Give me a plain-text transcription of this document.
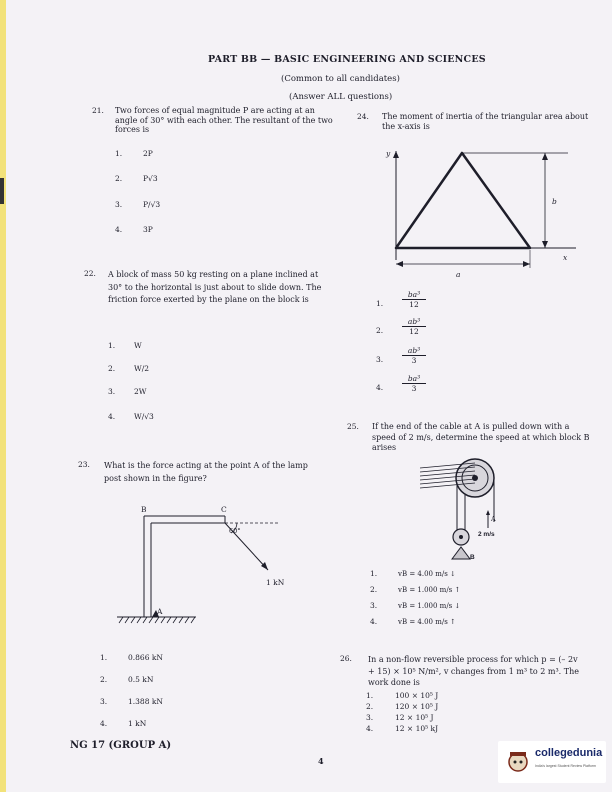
PART BB — BASIC ENGINEERING AND SCIENCES
(Common to all candidates)
(Answer ALL questions)
21. Two forces of equal magnitude P are acting at an angle of 30° with each other. The resultant of the two forces is
1.	2P
2.	P√3
3.	P/√3
4.	3P
22. A block of mass 50 kg resting on a plane inclined at 30° to the horizontal is just about to slide down. The friction force exerted by the plane on the block is
1.	W
2.	W/2
3.	2W
4.	W/√3
23. What is the force acting at the point A of the lamp post shown in the figure?
B	C
A
60°
1 kN
1.	0.866 kN
2.	0.5 kN
3.	1.388 kN
4.	1 kN
24. The moment of inertia of the triangular area about the x-axis is
y
x
a
b
1.	$\frac{\text{ba³}}{12}$
2.	$\frac{\text{ab³}}{12}$
3.	$\frac{\text{ab³}}{3}$
4.	$\frac{\text{ba³}}{3}$
25. If the end of the cable at A is pulled down with a speed of 2 m/s, determine the speed at which block B arises
A
2 m/s
B
1.	vB = 4.00 m/s ↓
2.	vB = 1.000 m/s ↑
3.	vB = 1.000 m/s ↓
4.	vB = 4.00 m/s ↑
26. In a non-flow reversible process for which p = (– 2v + 15) × 10⁵ N/m², v changes from 1 m³ to 2 m³. The work done is
1.	100 × 10⁵ J
2.	120 × 10⁵ J
3.	12 × 10⁵ J
4.	12 × 10⁵ kJ
NG 17 (GROUP A)
4
collegedunia
India's largest Student Review Platform
